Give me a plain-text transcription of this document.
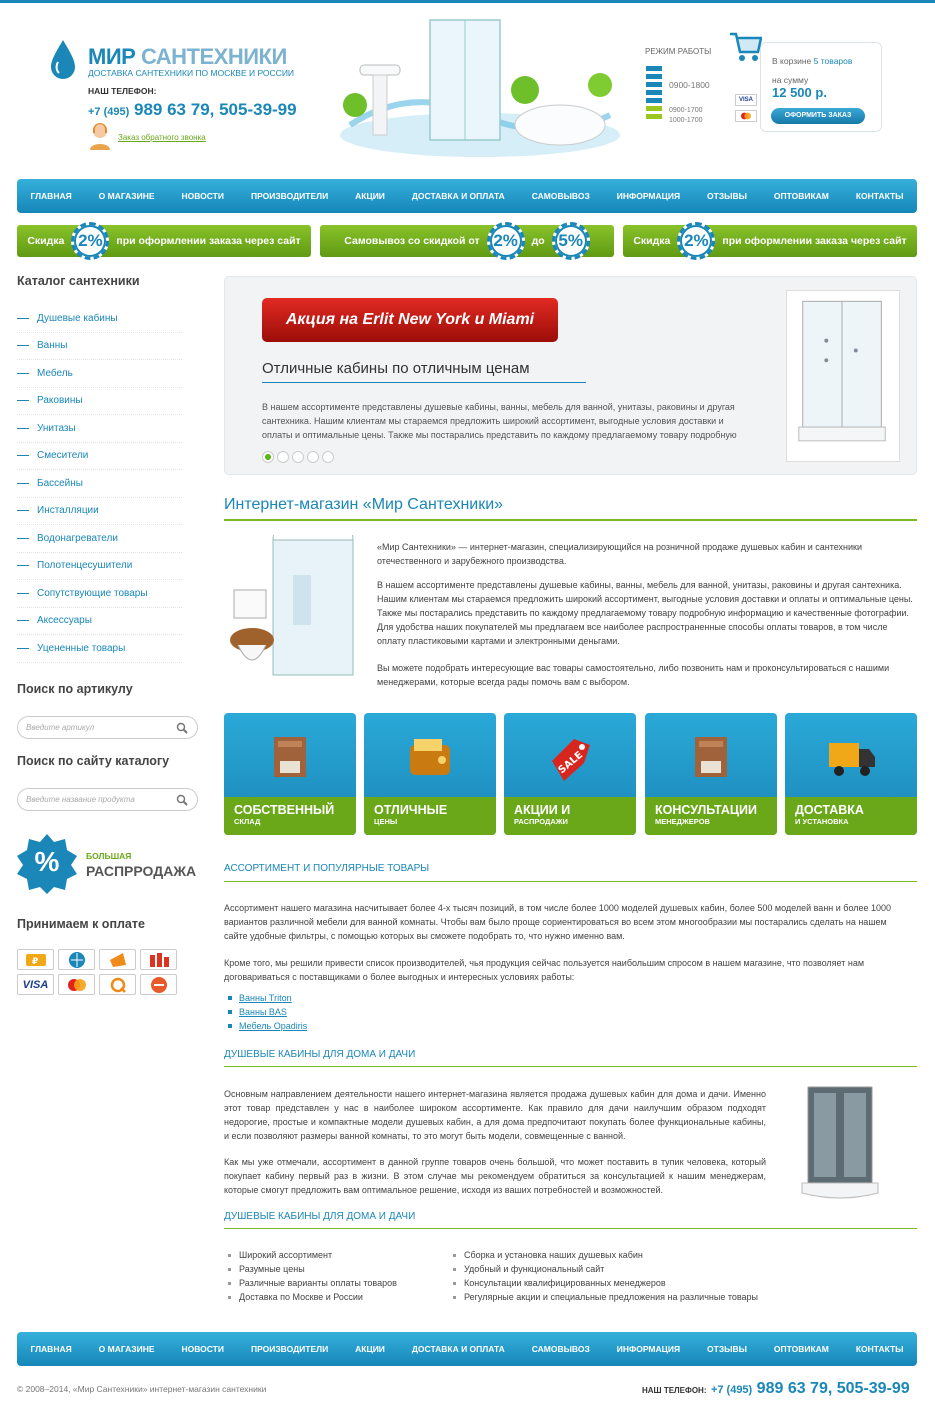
МИР САНТЕХНИКИ
ДОСТАВКА САНТЕХНИКИ ПО МОСКВЕ И РОССИИ
НАШ ТЕЛЕФОН:
+7 (495) 989 63 79, 505-39-99
Заказ обратного звонка
РЕЖИМ РАБОТЫ
0900-1800
0900-1700
1000-1700
VISA
В корзине 5 товаров
на сумму
12 500 р.
ОФОРМИТЬ ЗАКАЗ
ГЛАВНАЯ	О МАГАЗИНЕ	НОВОСТИ	ПРОИЗВОДИТЕЛИ	АКЦИИ	ДОСТАВКА И ОПЛАТА	САМОВЫВОЗ	ИНФОРМАЦИЯ	ОТЗЫВЫ	ОПТОВИКАМ	КОНТАКТЫ
Скидка 2%	при оформлении заказа через сайт	Самовывоз со скидкой от 2%	до 5%	Скидка 2%	при оформлении заказа через сайт
Каталог сантехники
Душевые кабины
Ванны
Мебель
Раковины
Унитазы
Смесители
Бассейны
Инсталляции
Водонагреватели
Полотенцесушители
Сопутствующие товары
Аксессуары
Уцененные товары
Поиск по артикулу
Введите артикул
Поиск по сайту каталогу
Введите название продукта
%	БОЛЬШАЯ
РАСПРРОДАЖА
Принимаем к оплате
₽
VISA
Акция на Erlit New York и Miami
Отличные кабины по отличным ценам
В нашем ассортименте представлены душевые кабины, ванны, мебель для ванной, унитазы, раковины и другая сантехника. Нашим клиентам мы стараемся предложить широкий ассортимент, выгодные условия доставки и оплаты и оптимальные цены. Также мы постарались представить по каждому предлагаемому товару подробную
Интернет-магазин «Мир Сантехники»
«Мир Сантехники» — интернет-магазин, специализирующийся на розничной продаже душевых кабин и сантехники отечественного и зарубежного производства.
В нашем ассортименте представлены душевые кабины, ванны, мебель для ванной, унитазы, раковины и другая сантехника. Нашим клиентам мы стараемся предложить широкий ассортимент, выгодные условия доставки и оплаты и оптимальные цены. Также мы постарались представить по каждому предлагаемому товару подробную информацию и качественные фотографии. Для удобства наших покупателей мы предлагаем все наиболее распространенные способы оплаты товаров, в том числе оплату пластиковыми картами и электронными деньгами.
Вы можете подобрать интересующие вас товары самостоятельно, либо позвонить нам и проконсультироваться с нашими менеджерами, которые всегда рады помочь вам с выбором.
СОБСТВЕННЫЙ
СКЛАД
ОТЛИЧНЫЕ
ЦЕНЫ
SALE
АКЦИИ И
РАСПРОДАЖИ
КОНСУЛЬТАЦИИ
МЕНЕДЖЕРОВ
ДОСТАВКА
И УСТАНОВКА
АССОРТИМЕНТ И ПОПУЛЯРНЫЕ ТОВАРЫ
Ассортимент нашего магазина насчитывает более 4-х тысяч позиций, в том числе более 1000 моделей душевых кабин, более 500 моделей ванн и более 1000 вариантов различной мебели для ванной комнаты. Чтобы вам было проще сориентироваться во всем этом многообразии мы постарались сделать на нашем сайте удобные фильтры, с помощью которых вы сможете подобрать то, что нужно именно вам.
Кроме того, мы решили привести список производителей, чья продукция сейчас пользуется наибольшим спросом в нашем магазине, что позволяет нам договариваться с поставщиками о более выгодных и интересных условиях работы:
Ванны Triton
Ванны BAS
Мебель Opadiris
ДУШЕВЫЕ КАБИНЫ ДЛЯ ДОМА И ДАЧИ
Основным направлением деятельности нашего интернет-магазина является продажа душевых кабин для дома и дачи. Именно этот товар представлен у нас в наиболее широком ассортименте. Как правило для дачи наилучшим образом подходят недорогие, простые и компактные модели душевых кабин, а для дома предпочитают покупать более функциональные кабины, и если позволяют размеры ванной комнаты, то это могут быть модели, совмещенные с ванной.
Как мы уже отмечали, ассортимент в данной группе товаров очень большой, что может поставить в тупик человека, который покупает кабину первый раз в жизни. В этом случае мы рекомендуем обратиться за консультацией к нашим менеджерам, которые смогут предложить вам оптимальное решение, исходя из ваших потребностей и возможностей.
ДУШЕВЫЕ КАБИНЫ ДЛЯ ДОМА И ДАЧИ
Широкий ассортимент
Разумные цены
Различные варианты оплаты товаров
Доставка по Москве и России
Сборка и установка наших душевых кабин
Удобный и функциональный сайт
Консультации квалифицированных менеджеров
Регулярные акции и специальные предложения на различные товары
ГЛАВНАЯ	О МАГАЗИНЕ	НОВОСТИ	ПРОИЗВОДИТЕЛИ	АКЦИИ	ДОСТАВКА И ОПЛАТА	САМОВЫВОЗ	ИНФОРМАЦИЯ	ОТЗЫВЫ	ОПТОВИКАМ	КОНТАКТЫ
© 2008–2014, «Мир Сантехники» интернет-магазин сантехники	НАШ ТЕЛЕФОН: +7 (495) 989 63 79, 505-39-99
